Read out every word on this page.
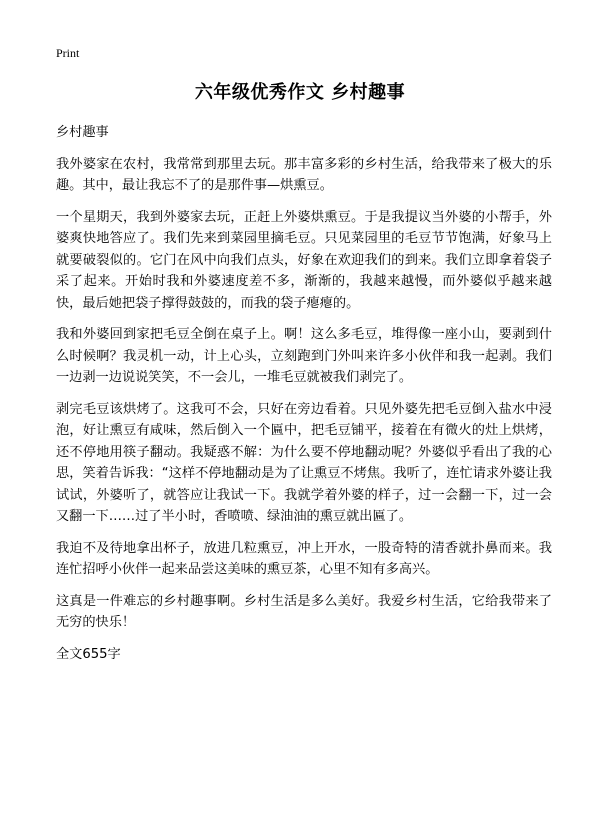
Print
六年级优秀作文 乡村趣事

乡村趣事

我外婆家在农村，我常常到那里去玩。那丰富多彩的乡村生活，给我带来了极大的乐趣。其中，最让我忘不了的是那件事—烘熏豆。

一个星期天，我到外婆家去玩，正赶上外婆烘熏豆。于是我提议当外婆的小帮手，外婆爽快地答应了。我们先来到菜园里摘毛豆。只见菜园里的毛豆节节饱满，好象马上就要破裂似的。它门在风中向我们点头，好象在欢迎我们的到来。我们立即拿着袋子采了起来。开始时我和外婆速度差不多，渐渐的，我越来越慢，而外婆似乎越来越快，最后她把袋子撑得鼓鼓的，而我的袋子瘪瘪的。

我和外婆回到家把毛豆全倒在桌子上。啊！这么多毛豆，堆得像一座小山，要剥到什么时候啊？我灵机一动，计上心头，立刻跑到门外叫来许多小伙伴和我一起剥。我们一边剥一边说说笑笑，不一会儿，一堆毛豆就被我们剥完了。

剥完毛豆该烘烤了。这我可不会，只好在旁边看着。只见外婆先把毛豆倒入盐水中浸泡，好让熏豆有咸味，然后倒入一个匾中，把毛豆铺平，接着在有微火的灶上烘烤，还不停地用筷子翻动。我疑惑不解：为什么要不停地翻动呢？外婆似乎看出了我的心思，笑着告诉我：“这样不停地翻动是为了让熏豆不烤焦。我听了，连忙请求外婆让我试试，外婆听了，就答应让我试一下。我就学着外婆的样子，过一会翻一下，过一会又翻一下……过了半小时，香喷喷、绿油油的熏豆就出匾了。

我迫不及待地拿出杯子，放进几粒熏豆，冲上开水，一股奇特的清香就扑鼻而来。我连忙招呼小伙伴一起来品尝这美味的熏豆茶，心里不知有多高兴。

这真是一件难忘的乡村趣事啊。乡村生活是多么美好。我爱乡村生活，它给我带来了无穷的快乐！

全文655字
